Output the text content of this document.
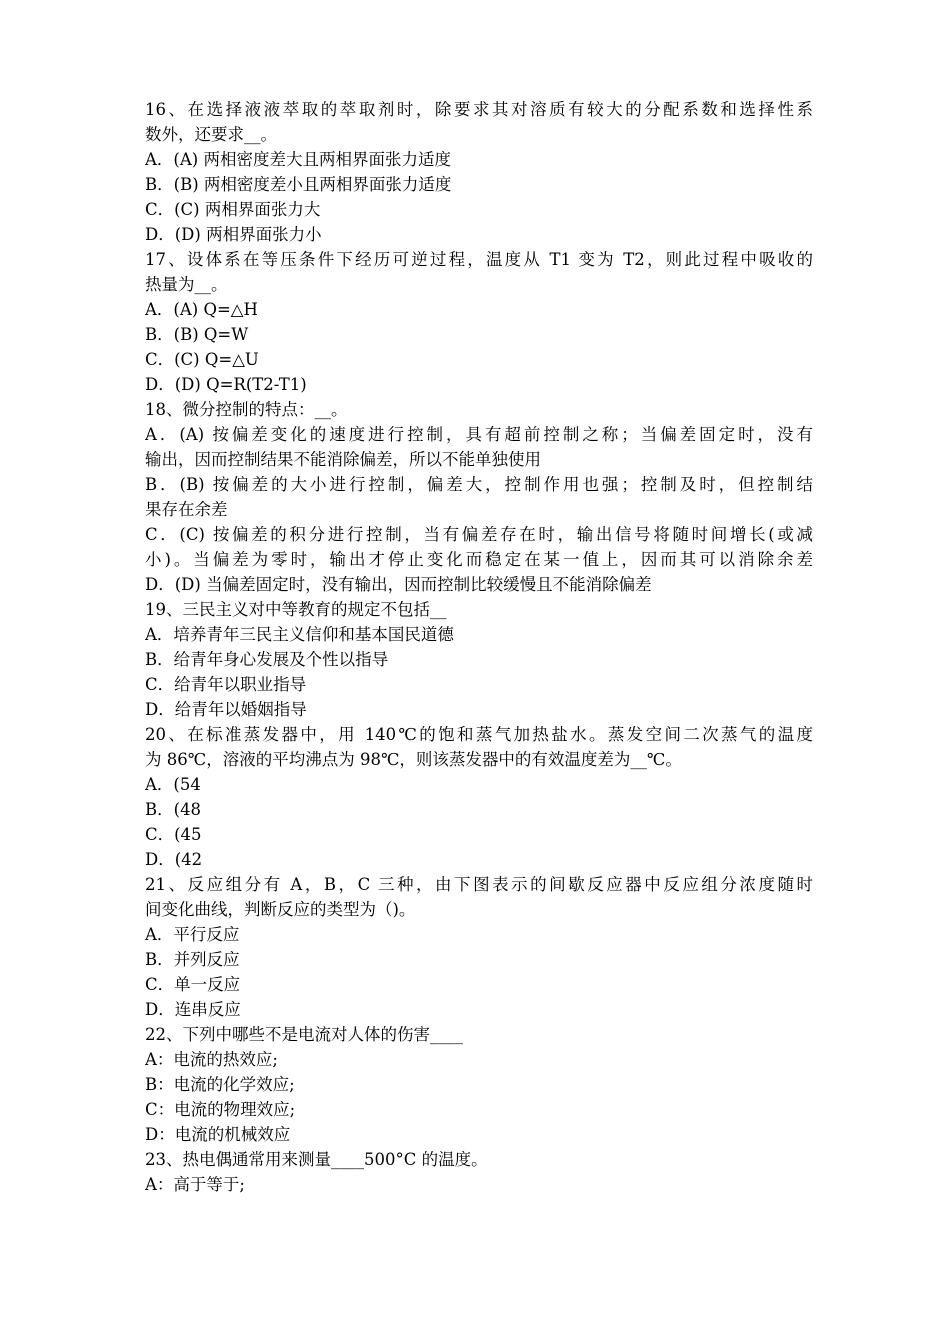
16、在选择液液萃取的萃取剂时，除要求其对溶质有较大的分配系数和选择性系
数外，还要求__。
A．(A) 两相密度差大且两相界面张力适度
B．(B) 两相密度差小且两相界面张力适度
C．(C) 两相界面张力大
D．(D) 两相界面张力小
17、设体系在等压条件下经历可逆过程，温度从 T1 变为 T2，则此过程中吸收的
热量为__。
A．(A) Q=△H
B．(B) Q=W
C．(C) Q=△U
D．(D) Q=R(T2-T1)
18、微分控制的特点：__。
A．(A) 按偏差变化的速度进行控制，具有超前控制之称；当偏差固定时，没有
输出，因而控制结果不能消除偏差，所以不能单独使用
B．(B) 按偏差的大小进行控制，偏差大，控制作用也强；控制及时，但控制结
果存在余差
C．(C) 按偏差的积分进行控制，当有偏差存在时，输出信号将随时间增长(或减
小)。当偏差为零时，输出才停止变化而稳定在某一值上，因而其可以消除余差
D．(D) 当偏差固定时，没有输出，因而控制比较缓慢且不能消除偏差
19、三民主义对中等教育的规定不包括__
A．培养青年三民主义信仰和基本国民道德
B．给青年身心发展及个性以指导
C．给青年以职业指导
D．给青年以婚姻指导
20、在标准蒸发器中，用 140℃的饱和蒸气加热盐水。蒸发空间二次蒸气的温度
为 86℃，溶液的平均沸点为 98℃，则该蒸发器中的有效温度差为__℃。
A．(54
B．(48
C．(45
D．(42
21、反应组分有 A，B，C 三种，由下图表示的间歇反应器中反应组分浓度随时
间变化曲线，判断反应的类型为（)。
A．平行反应
B．并列反应
C．单一反应
D．连串反应
22、下列中哪些不是电流对人体的伤害____
A：电流的热效应;
B：电流的化学效应;
C：电流的物理效应;
D：电流的机械效应
23、热电偶通常用来测量____500°C 的温度。
A：高于等于;
